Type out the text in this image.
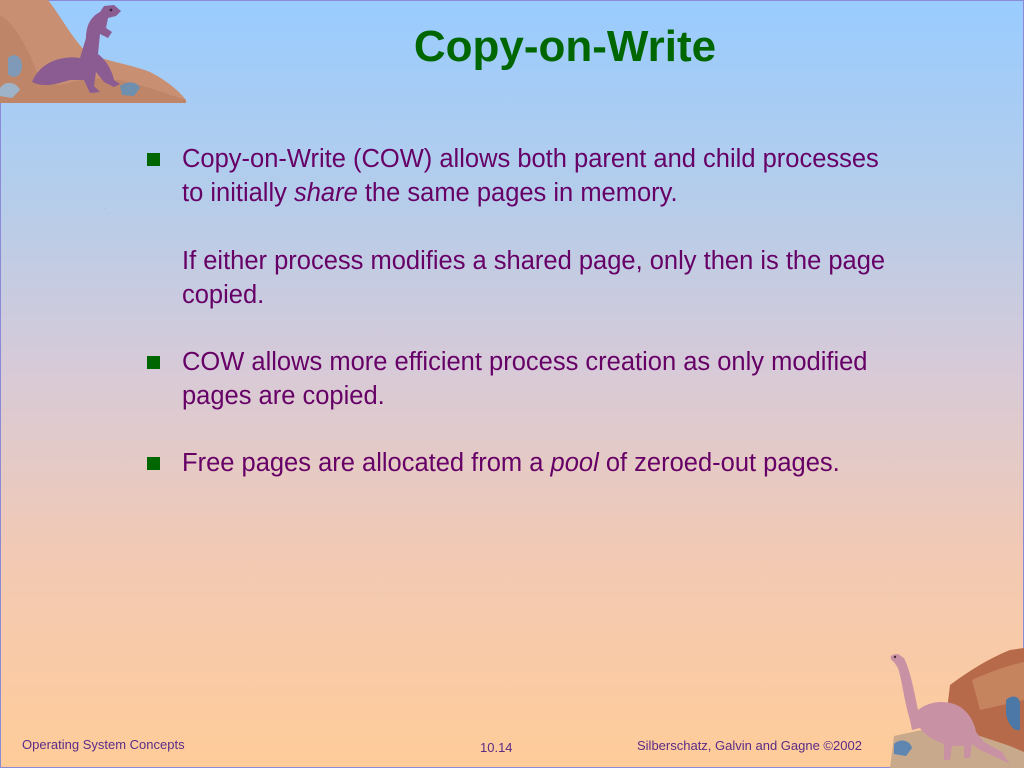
˙
Copy-on-Write

Copy-on-Write (COW) allows both parent and child processes to initially share the same pages in memory.

If either process modifies a shared page, only then is the page copied.

COW allows more efficient process creation as only modified pages are copied.

Free pages are allocated from a pool of zeroed-out pages.

Operating System Concepts	10.14	Silberschatz, Galvin and Gagne ©2002
